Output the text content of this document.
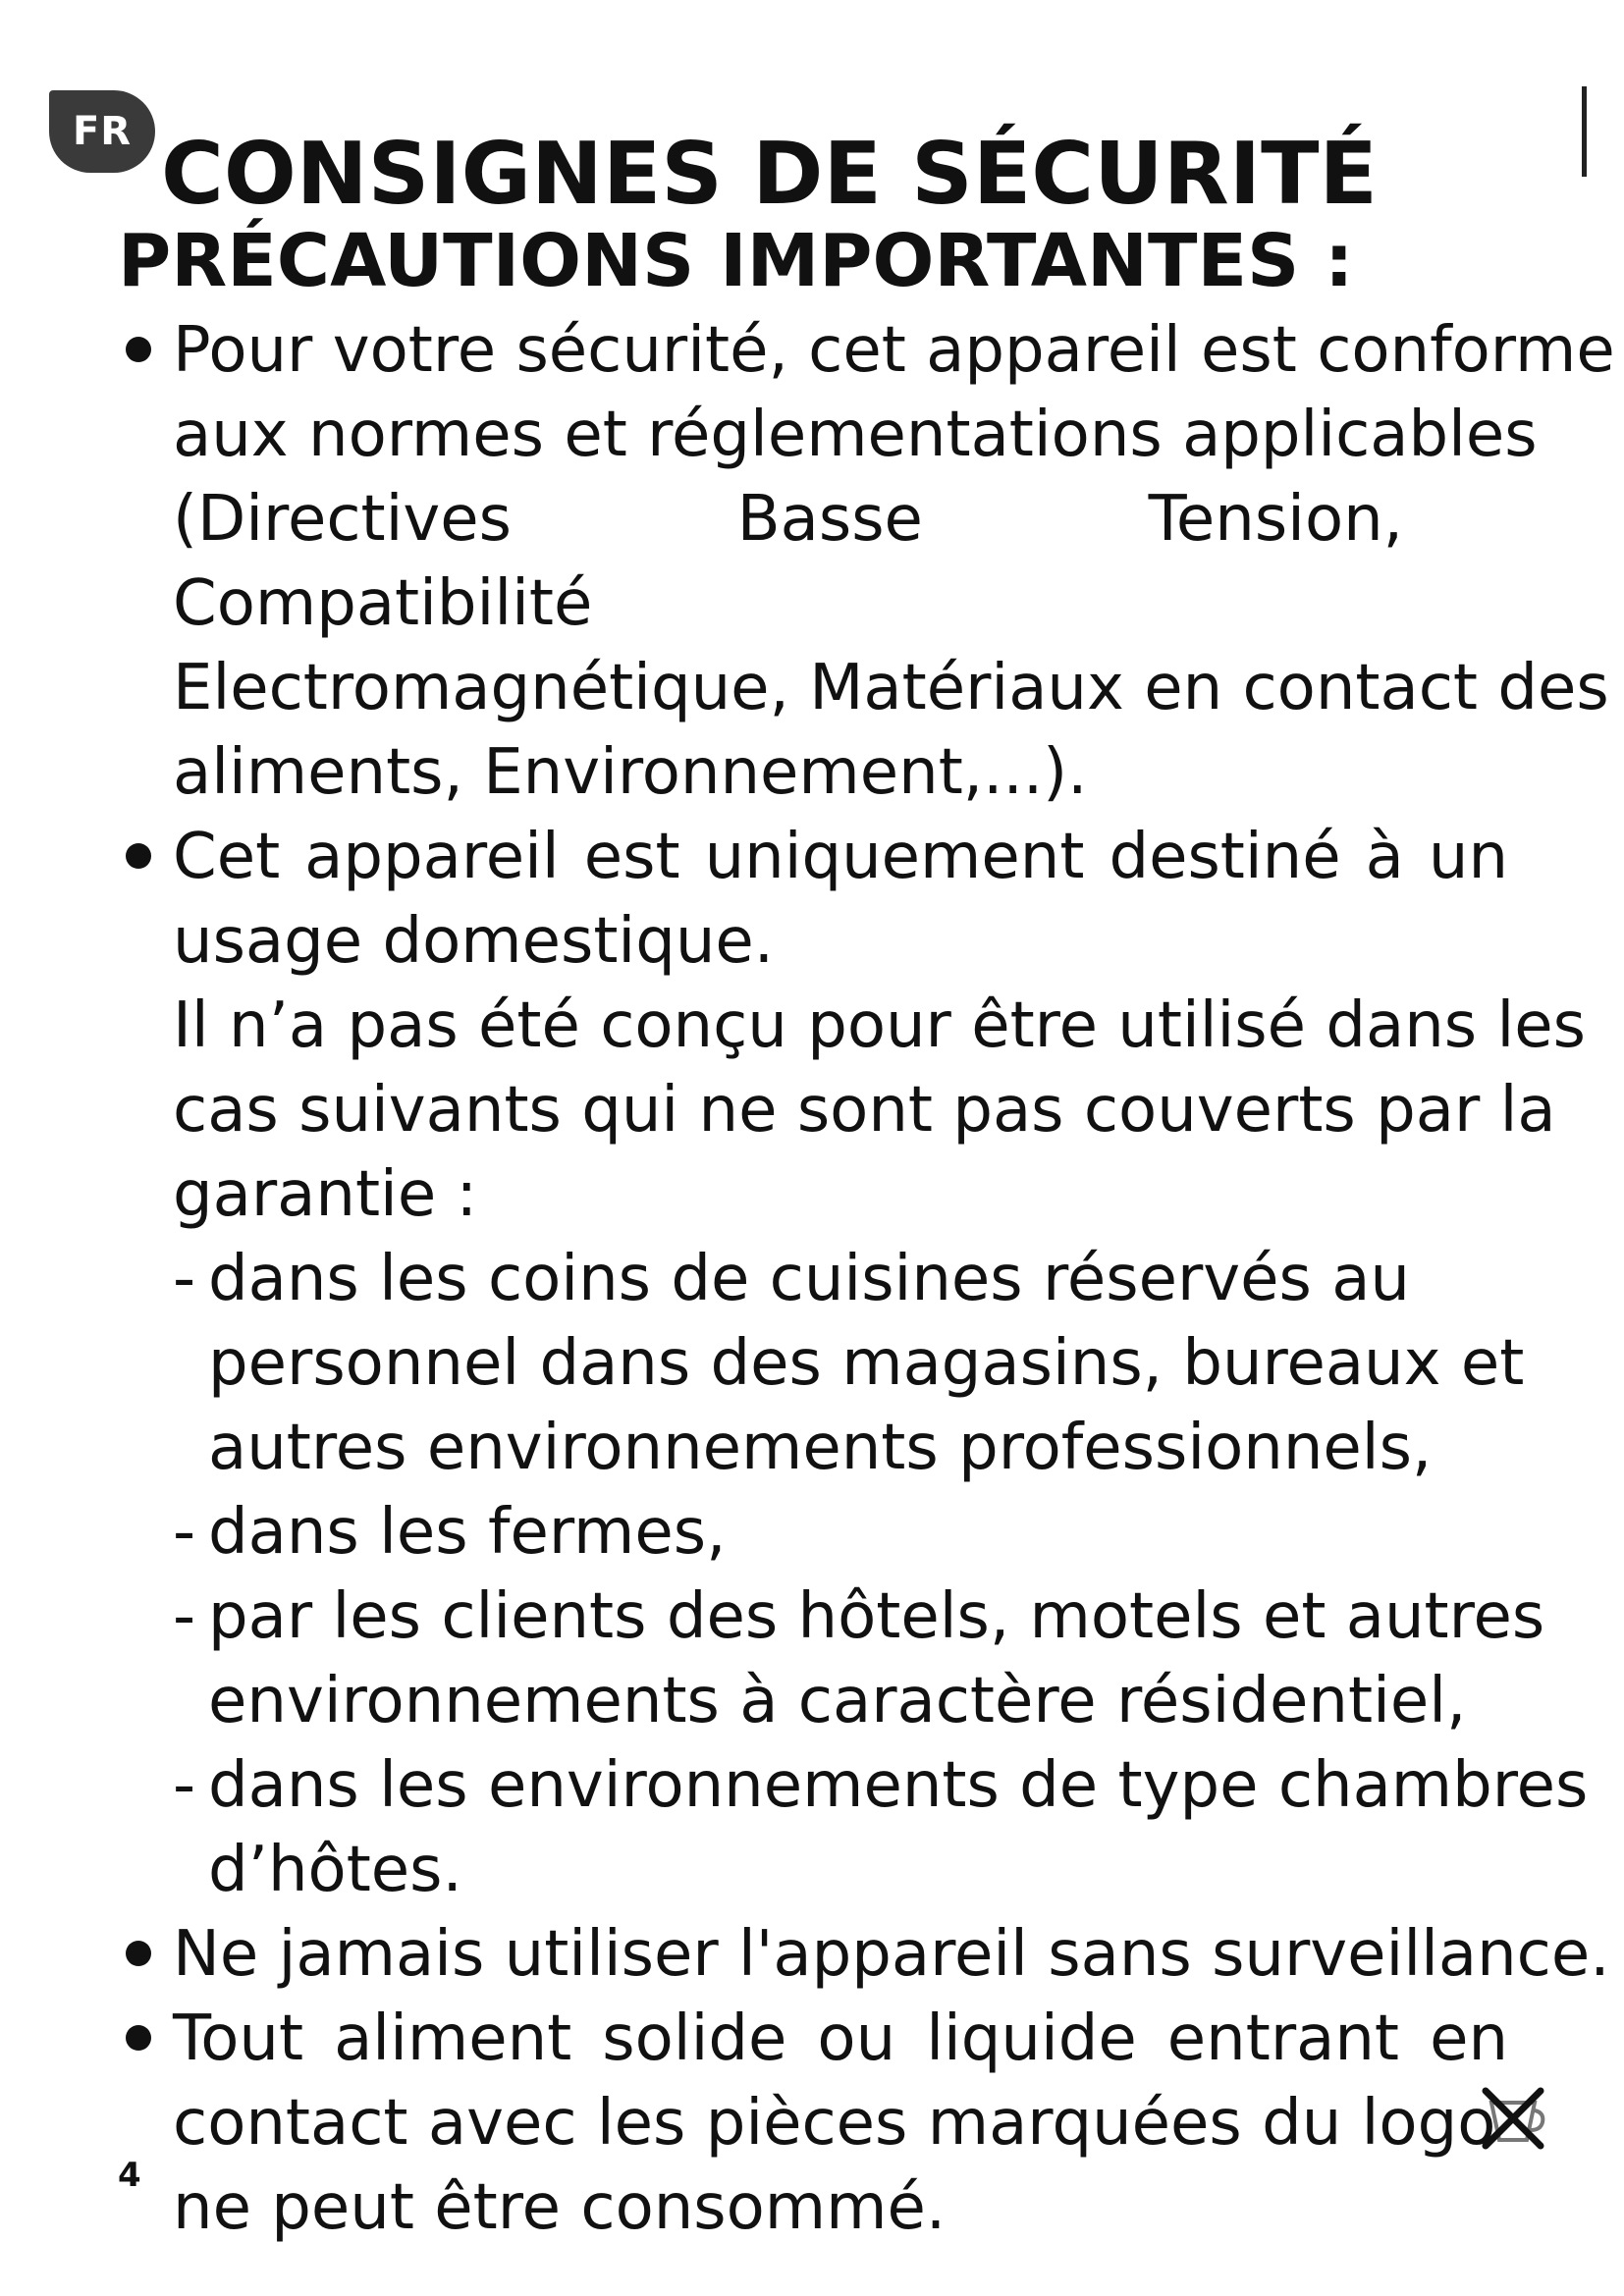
FR CONSIGNES DE SÉCURITÉ
PRÉCAUTIONS IMPORTANTES :
Pour votre sécurité, cet appareil est conforme
aux normes et réglementations applicables
(Directives Basse Tension, Compatibilité
Electromagnétique, Matériaux en contact des
aliments, Environnement,...).
Cet appareil est uniquement destiné à un
usage domestique.
Il n’a pas été conçu pour être utilisé dans les
cas suivants qui ne sont pas couverts par la
garantie :
- dans les coins de cuisines réservés au
personnel dans des magasins, bureaux et
autres environnements professionnels,
- dans les fermes,
- par les clients des hôtels, motels et autres
environnements à caractère résidentiel,
- dans les environnements de type chambres
d’hôtes.
Ne jamais utiliser l'appareil sans surveillance.
Tout aliment solide ou liquide entrant en
contact avec les pièces marquées du logo
ne peut être consommé.
4
